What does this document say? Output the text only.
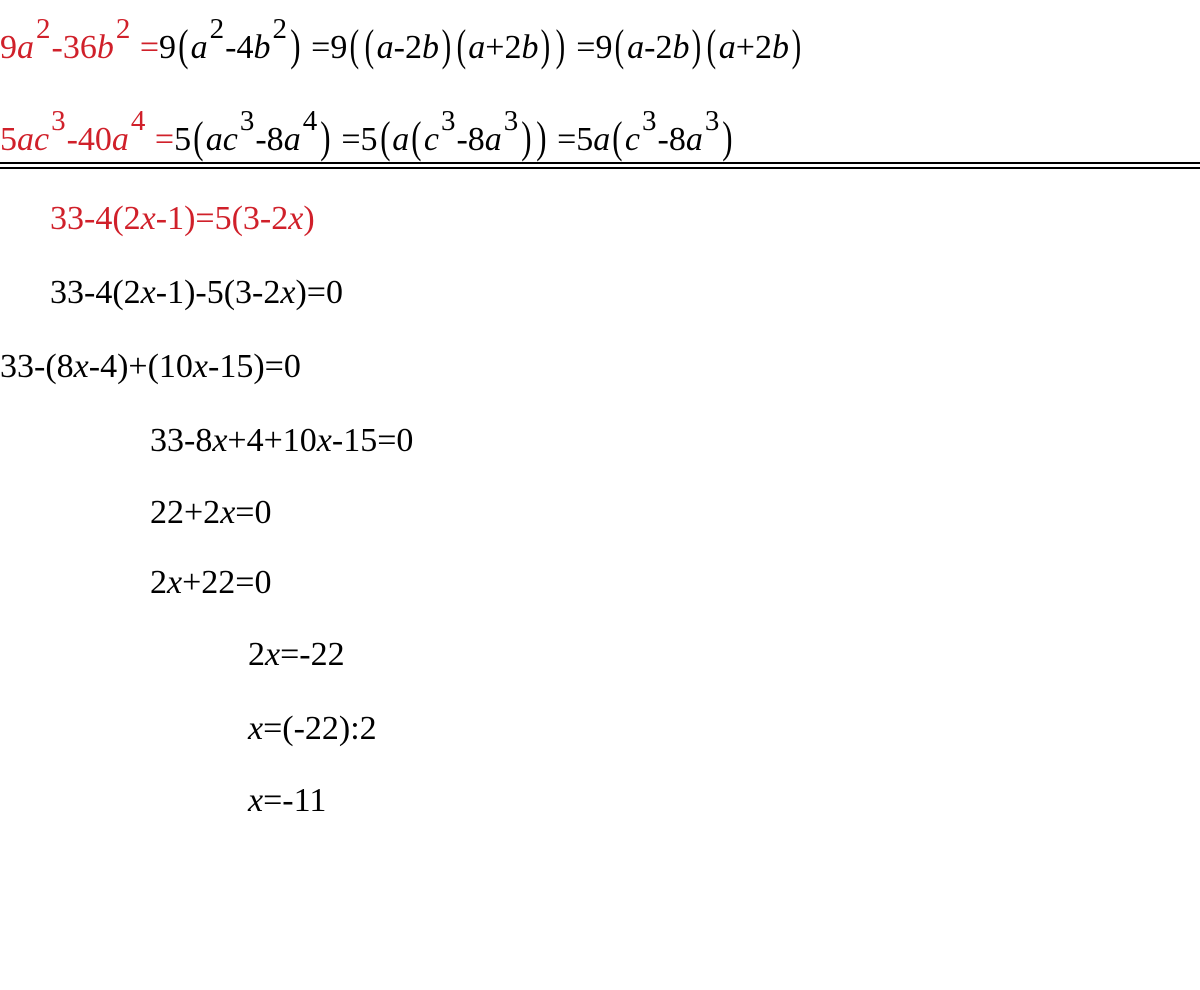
9a2-36b2 =9(a2-4b2) =9( (a-2b) (a+2b) ) =9(a-2b) (a+2b)
5ac3-40a4 =5(ac3-8a4) =5(a(c3-8a3)) =5a(c3-8a3)
33-4(2x-1)=5(3-2x)
33-4(2x-1)-5(3-2x)=0
33-(8x-4)+(10x-15)=0
33-8x+4+10x-15=0
22+2x=0
2x+22=0
2x=-22
x=(-22):2
x=-11
